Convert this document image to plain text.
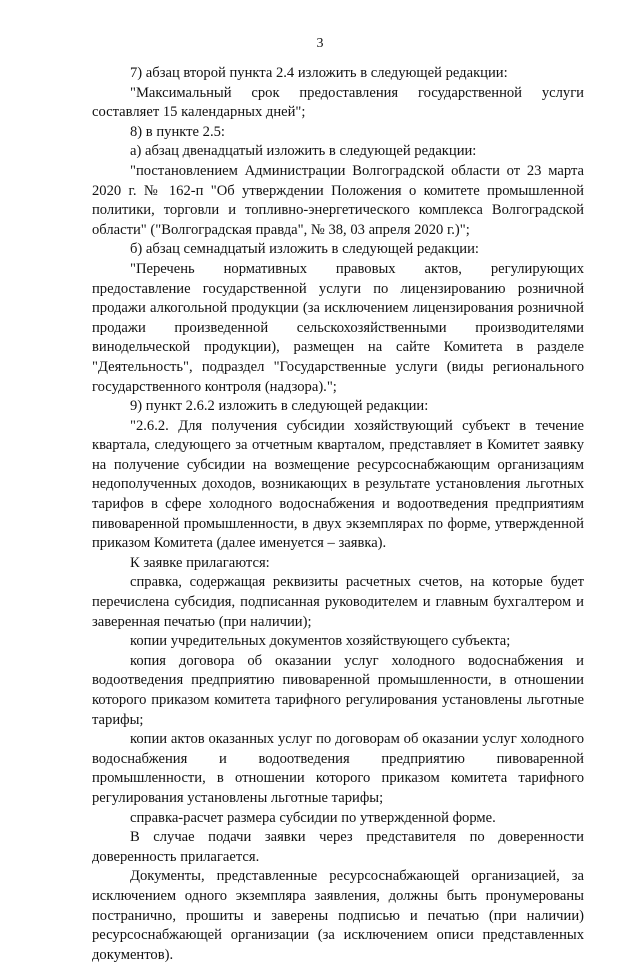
3

7) абзац второй пункта 2.4 изложить в следующей редакции:

"Максимальный срок предоставления государственной услуги составляет 15 календарных дней";

8) в пункте 2.5:

а) абзац двенадцатый изложить в следующей редакции:

"постановлением Администрации Волгоградской области от 23 марта 2020 г. № 162-п "Об утверждении Положения о комитете промышленной политики, торговли и топливно-энергетического комплекса Волгоградской области" ("Волгоградская правда", № 38, 03 апреля 2020 г.)";

б) абзац семнадцатый изложить в следующей редакции:

"Перечень нормативных правовых актов, регулирующих предоставление государственной услуги по лицензированию розничной продажи алкогольной продукции (за исключением лицензирования розничной продажи произведенной сельскохозяйственными производителями винодельческой продукции), размещен на сайте Комитета в разделе "Деятельность", подраздел "Государственные услуги (виды регионального государственного контроля (надзора).";

9) пункт 2.6.2 изложить в следующей редакции:

"2.6.2. Для получения субсидии хозяйствующий субъект в течение квартала, следующего за отчетным кварталом, представляет в Комитет заявку на получение субсидии на возмещение ресурсоснабжающим организациям недополученных доходов, возникающих в результате установления льготных тарифов в сфере холодного водоснабжения и водоотведения предприятиям пивоваренной промышленности, в двух экземплярах по форме, утвержденной приказом Комитета (далее именуется – заявка).

К заявке прилагаются:

справка, содержащая реквизиты расчетных счетов, на которые будет перечислена субсидия, подписанная руководителем и главным бухгалтером и заверенная печатью (при наличии);

копии учредительных документов хозяйствующего субъекта;

копия договора об оказании услуг холодного водоснабжения и водоотведения предприятию пивоваренной промышленности, в отношении которого приказом комитета тарифного регулирования установлены льготные тарифы;

копии актов оказанных услуг по договорам об оказании услуг холодного водоснабжения и водоотведения предприятию пивоваренной промышленности, в отношении которого приказом комитета тарифного регулирования установлены льготные тарифы;

справка-расчет размера субсидии по утвержденной форме.

В случае подачи заявки через представителя по доверенности доверенность прилагается.

Документы, представленные ресурсоснабжающей организацией, за исключением одного экземпляра заявления, должны быть пронумерованы постранично, прошиты и заверены подписью и печатью (при наличии) ресурсоснабжающей организации (за исключением описи представленных документов).
